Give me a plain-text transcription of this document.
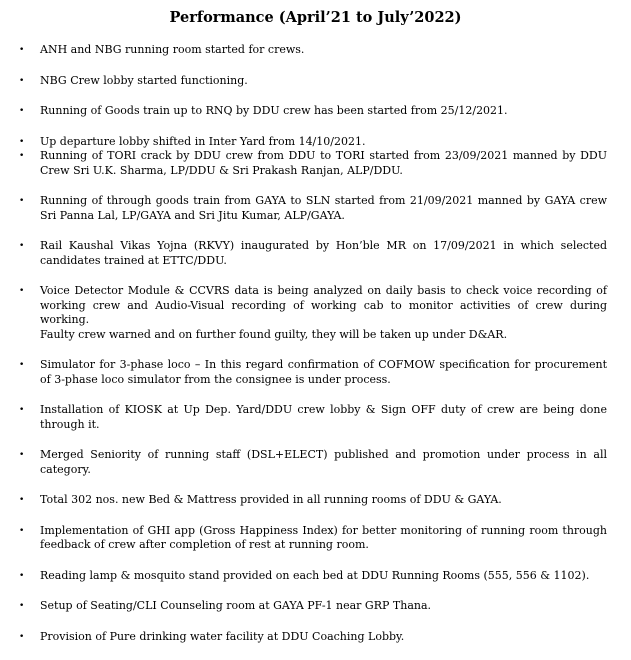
Performance (April’21 to July’2022)
• ANH and NBG running room started for crews.
• NBG Crew lobby started functioning.
• Running of Goods train up to RNQ by DDU crew has been started from 25/12/2021.
• Up departure lobby shifted in Inter Yard from 14/10/2021.
• Running of TORI crack by DDU crew from DDU to TORI started from 23/09/2021 manned by DDU Crew Sri U.K. Sharma, LP/DDU & Sri Prakash Ranjan, ALP/DDU.
• Running of through goods train from GAYA to SLN started from 21/09/2021 manned by GAYA crew Sri Panna Lal, LP/GAYA and Sri Jitu Kumar, ALP/GAYA.
• Rail Kaushal Vikas Yojna (RKVY) inaugurated by Hon’ble MR on 17/09/2021 in which selected candidates trained at ETTC/DDU.
• Voice Detector Module & CCVRS data is being analyzed on daily basis to check voice recording of working crew and Audio-Visual recording of working cab to monitor activities of crew during working.
Faulty crew warned and on further found guilty, they will be taken up under D&AR.
• Simulator for 3-phase loco – In this regard confirmation of COFMOW specification for procurement of 3-phase loco simulator from the consignee is under process.
• Installation of KIOSK at Up Dep. Yard/DDU crew lobby & Sign OFF duty of crew are being done through it.
• Merged Seniority of running staff (DSL+ELECT) published and promotion under process in all category.
• Total 302 nos. new Bed & Mattress provided in all running rooms of DDU & GAYA.
• Implementation of GHI app (Gross Happiness Index) for better monitoring of running room through feedback of crew after completion of rest at running room.
• Reading lamp & mosquito stand provided on each bed at DDU Running Rooms (555, 556 & 1102).
• Setup of Seating/CLI Counseling room at GAYA PF-1 near GRP Thana.
• Provision of Pure drinking water facility at DDU Coaching Lobby.
